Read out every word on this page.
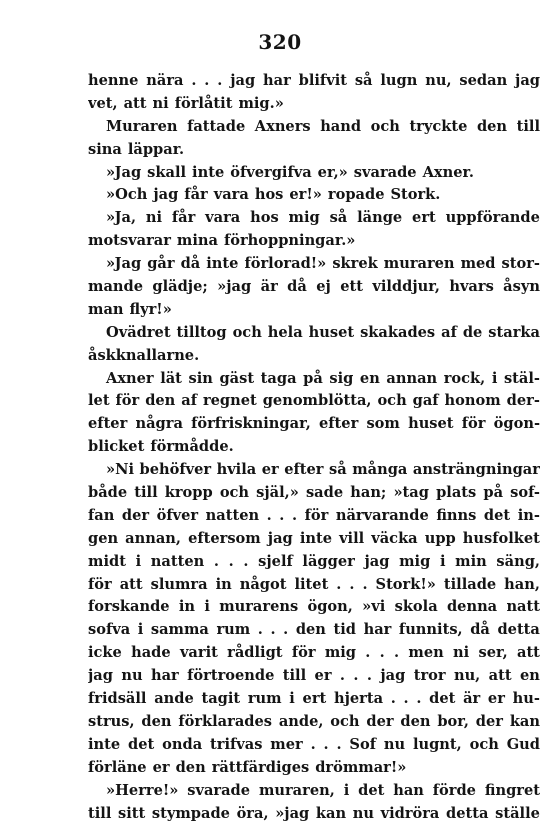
320
henne nära . . . jag har blifvit så lugn nu, sedan jag
vet, att ni förlåtit mig.»
Muraren fattade Axners hand och tryckte den till
sina läppar.
»Jag skall inte öfvergifva er,» svarade Axner.
»Och jag får vara hos er!» ropade Stork.
»Ja, ni får vara hos mig så länge ert uppförande
motsvarar mina förhoppningar.»
»Jag går då inte förlorad!» skrek muraren med stor-
mande glädje; »jag är då ej ett vilddjur, hvars åsyn
man flyr!»
Ovädret tilltog och hela huset skakades af de starka
åskknallarne.
Axner lät sin gäst taga på sig en annan rock, i stäl-
let för den af regnet genomblötta, och gaf honom der-
efter några förfriskningar, efter som huset för ögon-
blicket förmådde.
»Ni behöfver hvila er efter så många ansträngningar
både till kropp och själ,» sade han; »tag plats på sof-
fan der öfver natten . . . för närvarande finns det in-
gen annan, eftersom jag inte vill väcka upp husfolket
midt i natten . . . sjelf lägger jag mig i min säng,
för att slumra in något litet . . . Stork!» tillade han,
forskande in i murarens ögon, »vi skola denna natt
sofva i samma rum . . . den tid har funnits, då detta
icke hade varit rådligt för mig . . . men ni ser, att
jag nu har förtroende till er . . . jag tror nu, att en
fridsäll ande tagit rum i ert hjerta . . . det är er hu-
strus, den förklarades ande, och der den bor, der kan
inte det onda trifvas mer . . . Sof nu lugnt, och Gud
förläne er den rättfärdiges drömmar!»
»Herre!» svarade muraren, i det han förde fingret
till sitt stympade öra, »jag kan nu vidröra detta ställe
